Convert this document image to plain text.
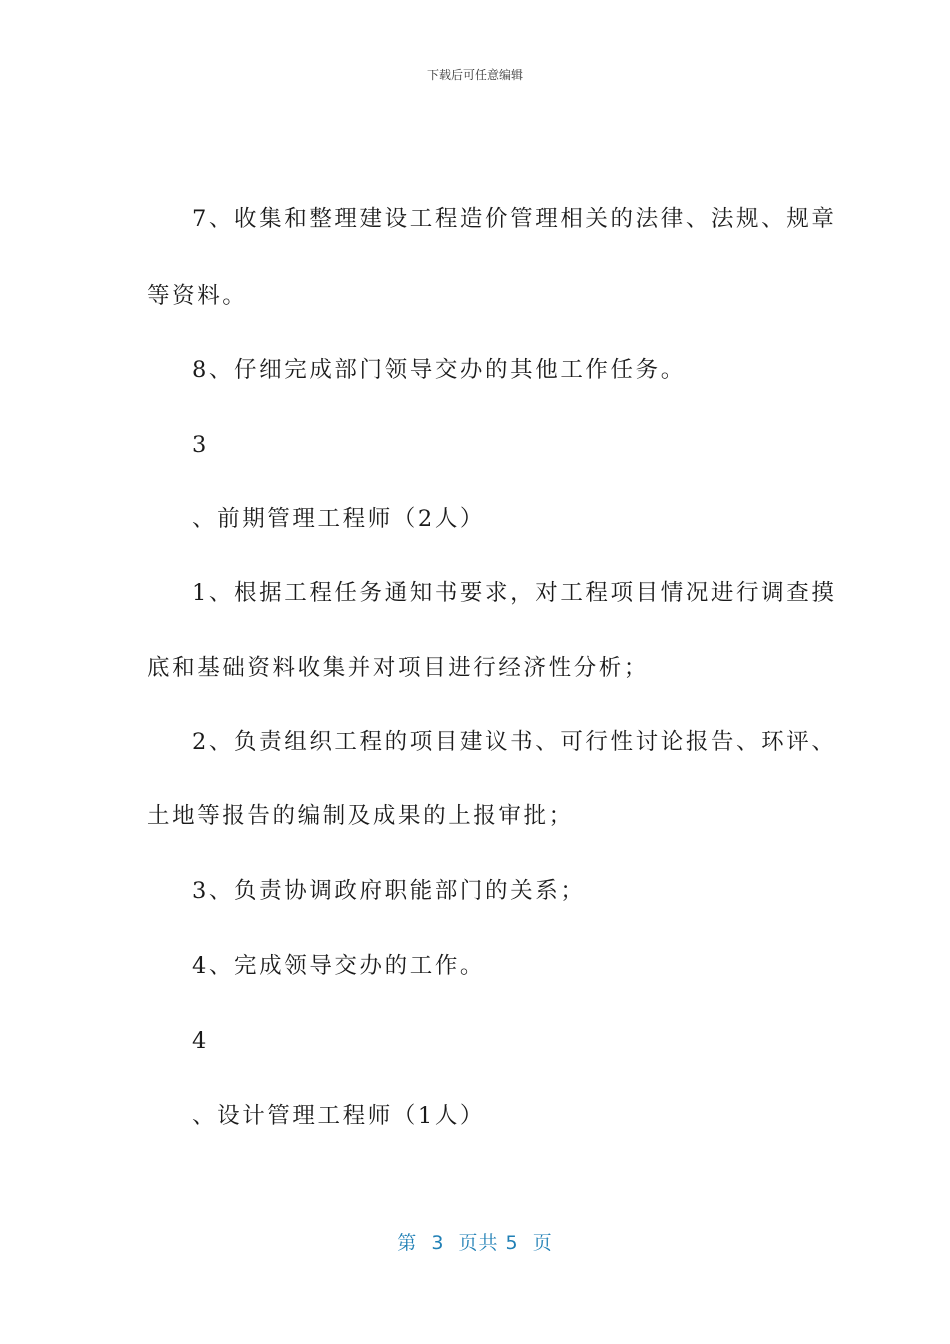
下载后可任意编辑
7、收集和整理建设工程造价管理相关的法律、法规、规章
等资料。
8、仔细完成部门领导交办的其他工作任务。
3
、前期管理工程师（2人）
1、根据工程任务通知书要求，对工程项目情况进行调查摸
底和基础资料收集并对项目进行经济性分析；
2、负责组织工程的项目建议书、可行性讨论报告、环评、
土地等报告的编制及成果的上报审批；
3、负责协调政府职能部门的关系；
4、完成领导交办的工作。
4
、设计管理工程师（1人）
第  3  页共 5  页
